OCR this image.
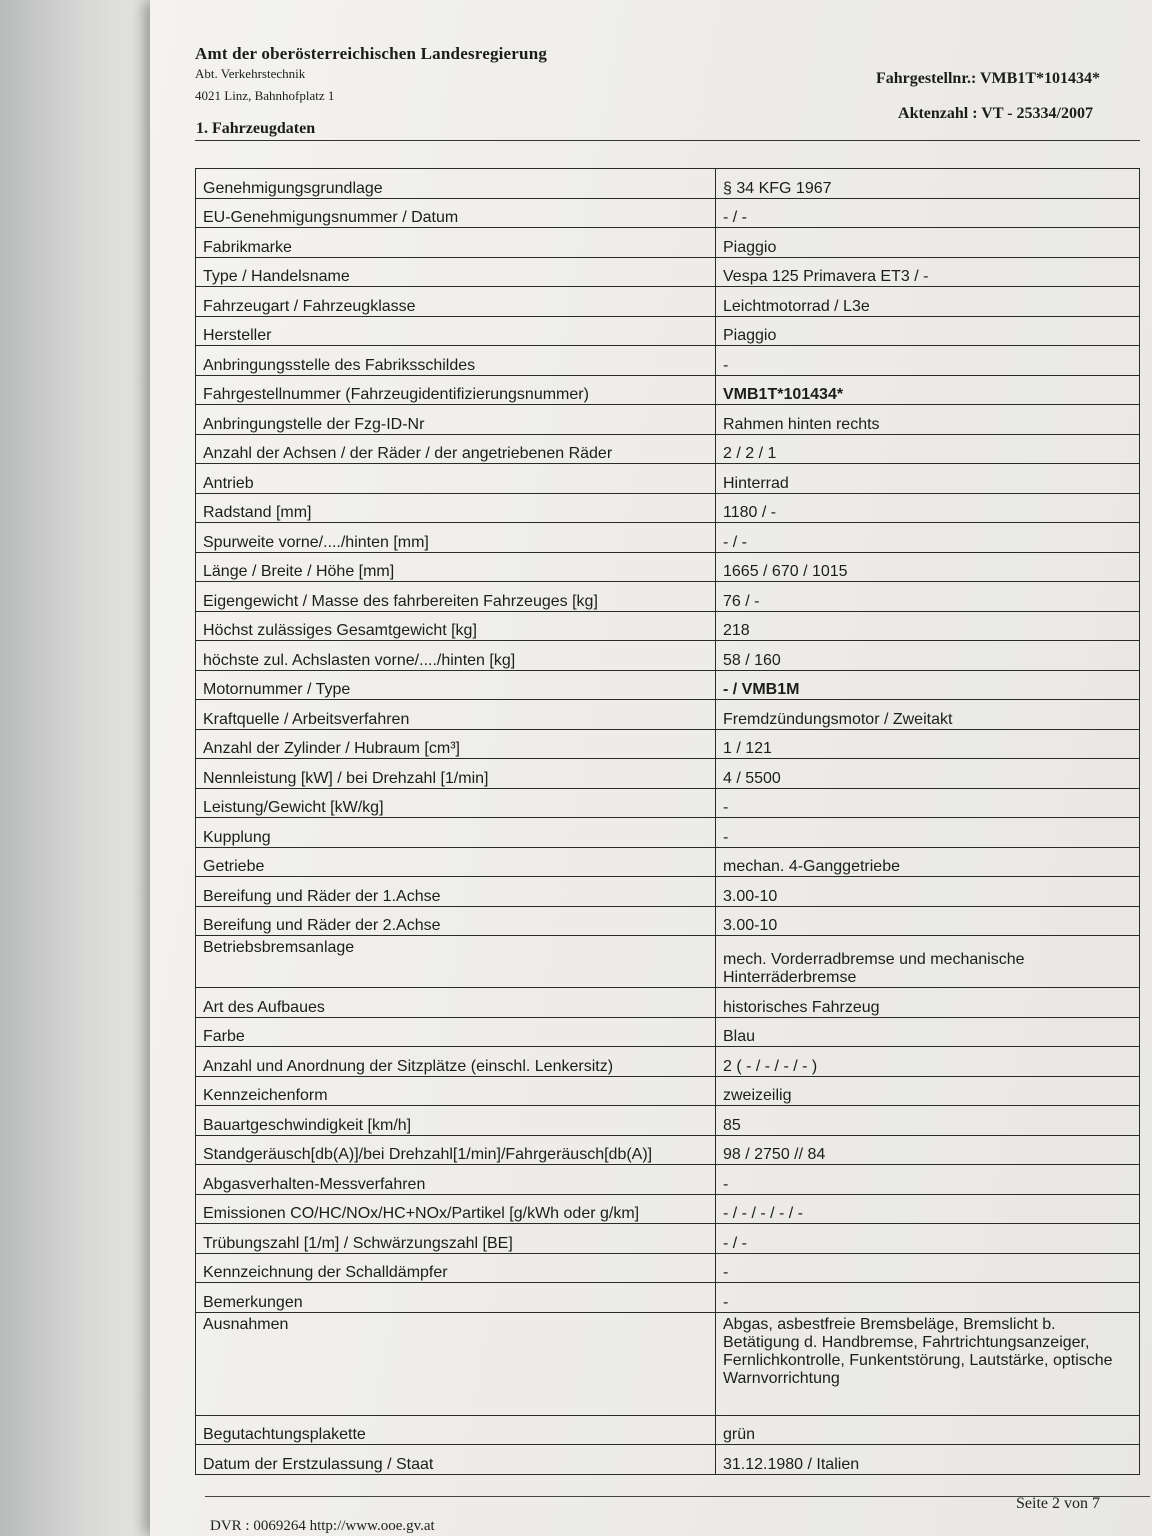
Amt der oberösterreichischen Landesregierung
Abt. Verkehrstechnik
4021 Linz, Bahnhofplatz 1
Fahrgestellnr.: VMB1T*101434*
Aktenzahl : VT - 25334/2007
1. Fahrzeugdaten
Genehmigungsgrundlage	§ 34 KFG 1967
EU-Genehmigungsnummer / Datum	- / -
Fabrikmarke	Piaggio
Type / Handelsname	Vespa 125 Primavera ET3 / -
Fahrzeugart / Fahrzeugklasse	Leichtmotorrad / L3e
Hersteller	Piaggio
Anbringungsstelle des Fabriksschildes	-
Fahrgestellnummer (Fahrzeugidentifizierungsnummer)	VMB1T*101434*
Anbringungstelle der Fzg-ID-Nr	Rahmen hinten rechts
Anzahl der Achsen / der Räder / der angetriebenen Räder	2 / 2 / 1
Antrieb	Hinterrad
Radstand [mm]	1180 / -
Spurweite vorne/..../hinten [mm]	- / -
Länge / Breite / Höhe [mm]	1665 / 670 / 1015
Eigengewicht / Masse des fahrbereiten Fahrzeuges [kg]	76 / -
Höchst zulässiges Gesamtgewicht [kg]	218
höchste zul. Achslasten vorne/..../hinten [kg]	58 / 160
Motornummer / Type	- / VMB1M
Kraftquelle / Arbeitsverfahren	Fremdzündungsmotor / Zweitakt
Anzahl der Zylinder / Hubraum [cm³]	1 / 121
Nennleistung [kW] / bei Drehzahl [1/min]	4 / 5500
Leistung/Gewicht [kW/kg]	-
Kupplung	-
Getriebe	mechan. 4-Ganggetriebe
Bereifung und Räder der 1.Achse	3.00-10
Bereifung und Räder der 2.Achse	3.00-10
Betriebsbremsanlage	mech. Vorderradbremse und mechanische Hinterräderbremse
Art des Aufbaues	historisches Fahrzeug
Farbe	Blau
Anzahl und Anordnung der Sitzplätze (einschl. Lenkersitz)	2 ( - / - / - / - )
Kennzeichenform	zweizeilig
Bauartgeschwindigkeit [km/h]	85
Standgeräusch[db(A)]/bei Drehzahl[1/min]/Fahrgeräusch[db(A)]	98 / 2750 // 84
Abgasverhalten-Messverfahren	-
Emissionen CO/HC/NOx/HC+NOx/Partikel [g/kWh oder g/km]	- / - / - / - / -
Trübungszahl [1/m] / Schwärzungszahl [BE]	- / -
Kennzeichnung der Schalldämpfer	-
Bemerkungen	-
Ausnahmen	Abgas, asbestfreie Bremsbeläge, Bremslicht b. Betätigung d. Handbremse, Fahrtrichtungsanzeiger, Fernlichkontrolle, Funkentstörung, Lautstärke, optische Warnvorrichtung
Begutachtungsplakette	grün
Datum der Erstzulassung / Staat	31.12.1980 / Italien
Seite 2 von 7
DVR : 0069264 http://www.ooe.gv.at
